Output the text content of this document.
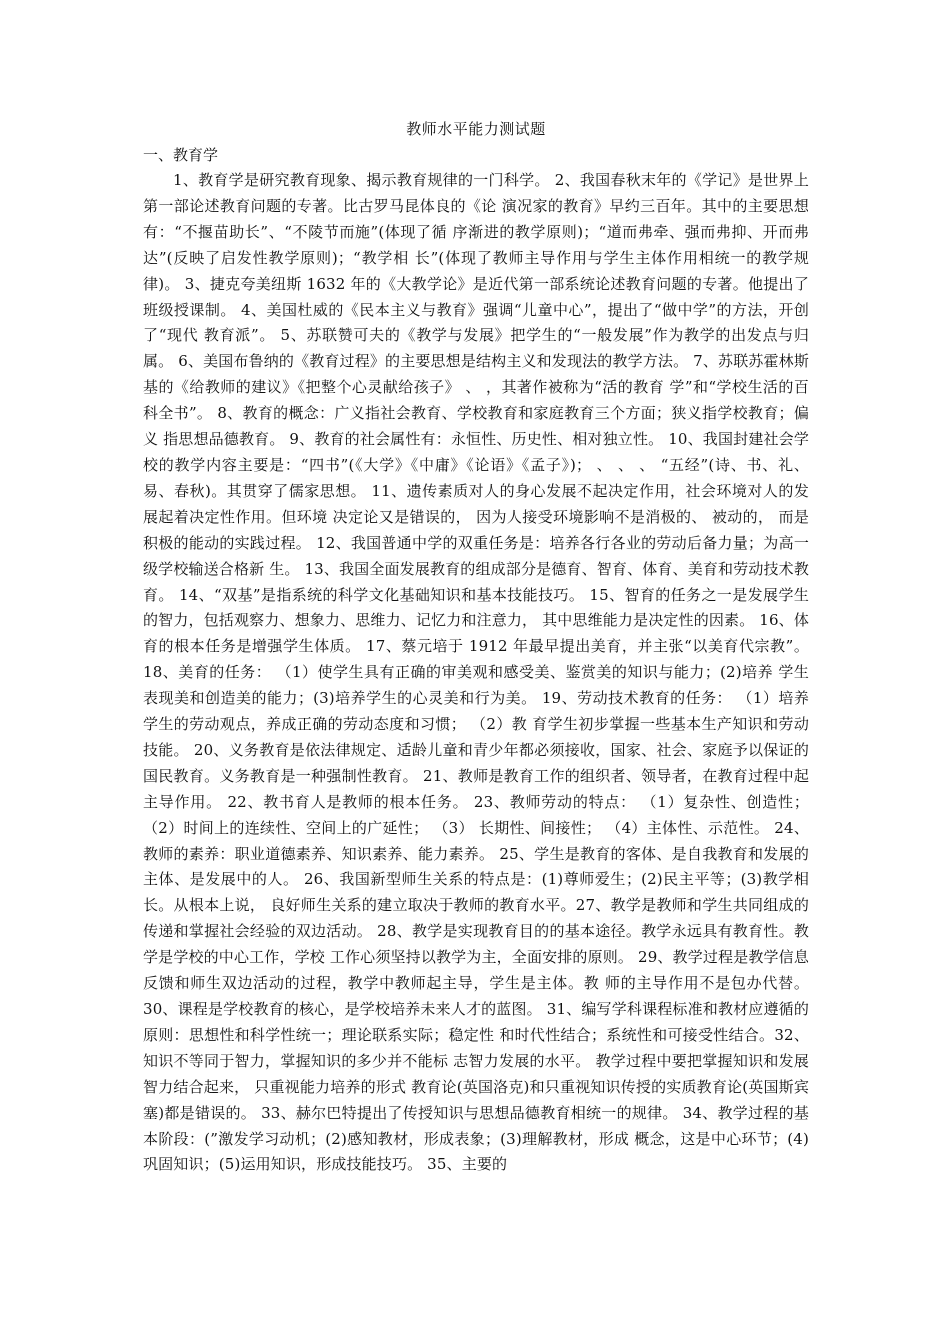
教师水平能力测试题

一、教育学

1、教育学是研究教育现象、揭示教育规律的一门科学。 2、我国春秋末年的《学记》是世界上第一部论述教育问题的专著。比古罗马昆体良的《论 演况家的教育》早约三百年。其中的主要思想有：“不揠苗助长”、“不陵节而施”(体现了循 序渐进的教学原则)；“道而弗牵、强而弗抑、开而弗达”(反映了启发性教学原则)；“教学相 长”(体现了教师主导作用与学生主体作用相统一的教学规律)。 3、捷克夸美纽斯 1632 年的《大教学论》是近代第一部系统论述教育问题的专著。他提出了 班级授课制。 4、美国杜威的《民本主义与教育》强调“儿童中心”，提出了“做中学”的方法，开创了“现代 教育派”。 5、苏联赞可夫的《教学与发展》把学生的“一般发展”作为教学的出发点与归属。 6、美国布鲁纳的《教育过程》的主要思想是结构主义和发现法的教学方法。 7、苏联苏霍林斯基的《给教师的建议》《把整个心灵献给孩子》 、 ，其著作被称为“活的教育 学”和“学校生活的百科全书”。 8、教育的概念：广义指社会教育、学校教育和家庭教育三个方面；狭义指学校教育；偏义 指思想品德教育。 9、教育的社会属性有：永恒性、历史性、相对独立性。 10、我国封建社会学校的教学内容主要是：“四书”(《大学》《中庸》《论语》《孟子》)； 、 、 、 “五经”(诗、书、礼、易、春秋)。其贯穿了儒家思想。 11、遗传素质对人的身心发展不起决定作用，社会环境对人的发展起着决定性作用。但环境 决定论又是错误的， 因为人接受环境影响不是消极的、 被动的， 而是积极的能动的实践过程。 12、我国普通中学的双重任务是：培养各行各业的劳动后备力量；为高一级学校输送合格新 生。 13、我国全面发展教育的组成部分是德育、智育、体育、美育和劳动技术教育。 14、“双基”是指系统的科学文化基础知识和基本技能技巧。 15、智育的任务之一是发展学生的智力，包括观察力、想象力、思维力、记忆力和注意力， 其中思维能力是决定性的因素。 16、体育的根本任务是增强学生体质。 17、蔡元培于 1912 年最早提出美育，并主张“以美育代宗教”。 18、美育的任务： （1）使学生具有正确的审美观和感受美、鉴赏美的知识与能力；(2)培养 学生表现美和创造美的能力；(3)培养学生的心灵美和行为美。 19、劳动技术教育的任务： （1）培养学生的劳动观点，养成正确的劳动态度和习惯； （2）教 育学生初步掌握一些基本生产知识和劳动技能。 20、义务教育是依法律规定、适龄儿童和青少年都必须接收，国家、社会、家庭予以保证的 国民教育。义务教育是一种强制性教育。 21、教师是教育工作的组织者、领导者，在教育过程中起主导作用。 22、教书育人是教师的根本任务。 23、教师劳动的特点： （1）复杂性、创造性； （2）时间上的连续性、空间上的广延性； （3） 长期性、间接性； （4）主体性、示范性。 24、教师的素养：职业道德素养、知识素养、能力素养。 25、学生是教育的客体、是自我教育和发展的主体、是发展中的人。 26、我国新型师生关系的特点是：(1)尊师爱生；(2)民主平等；(3)教学相长。从根本上说， 良好师生关系的建立取决于教师的教育水平。27、教学是教师和学生共同组成的传递和掌握社会经验的双边活动。 28、教学是实现教育目的的基本途径。教学永远具有教育性。教学是学校的中心工作，学校 工作心须坚持以教学为主，全面安排的原则。 29、教学过程是教学信息反馈和师生双边活动的过程，教学中教师起主导，学生是主体。教 师的主导作用不是包办代替。 30、课程是学校教育的核心，是学校培养未来人才的蓝图。 31、编写学科课程标准和教材应遵循的原则：思想性和科学性统一；理论联系实际；稳定性 和时代性结合；系统性和可接受性结合。32、知识不等同于智力，掌握知识的多少并不能标 志智力发展的水平。 教学过程中要把掌握知识和发展智力结合起来， 只重视能力培养的形式 教育论(英国洛克)和只重视知识传授的实质教育论(英国斯宾塞)都是错误的。 33、赫尔巴特提出了传授知识与思想品德教育相统一的规律。 34、教学过程的基本阶段：(”激发学习动机；(2)感知教材，形成表象；(3)理解教材，形成 概念，这是中心环节；(4)巩固知识；(5)运用知识，形成技能技巧。 35、主要的
